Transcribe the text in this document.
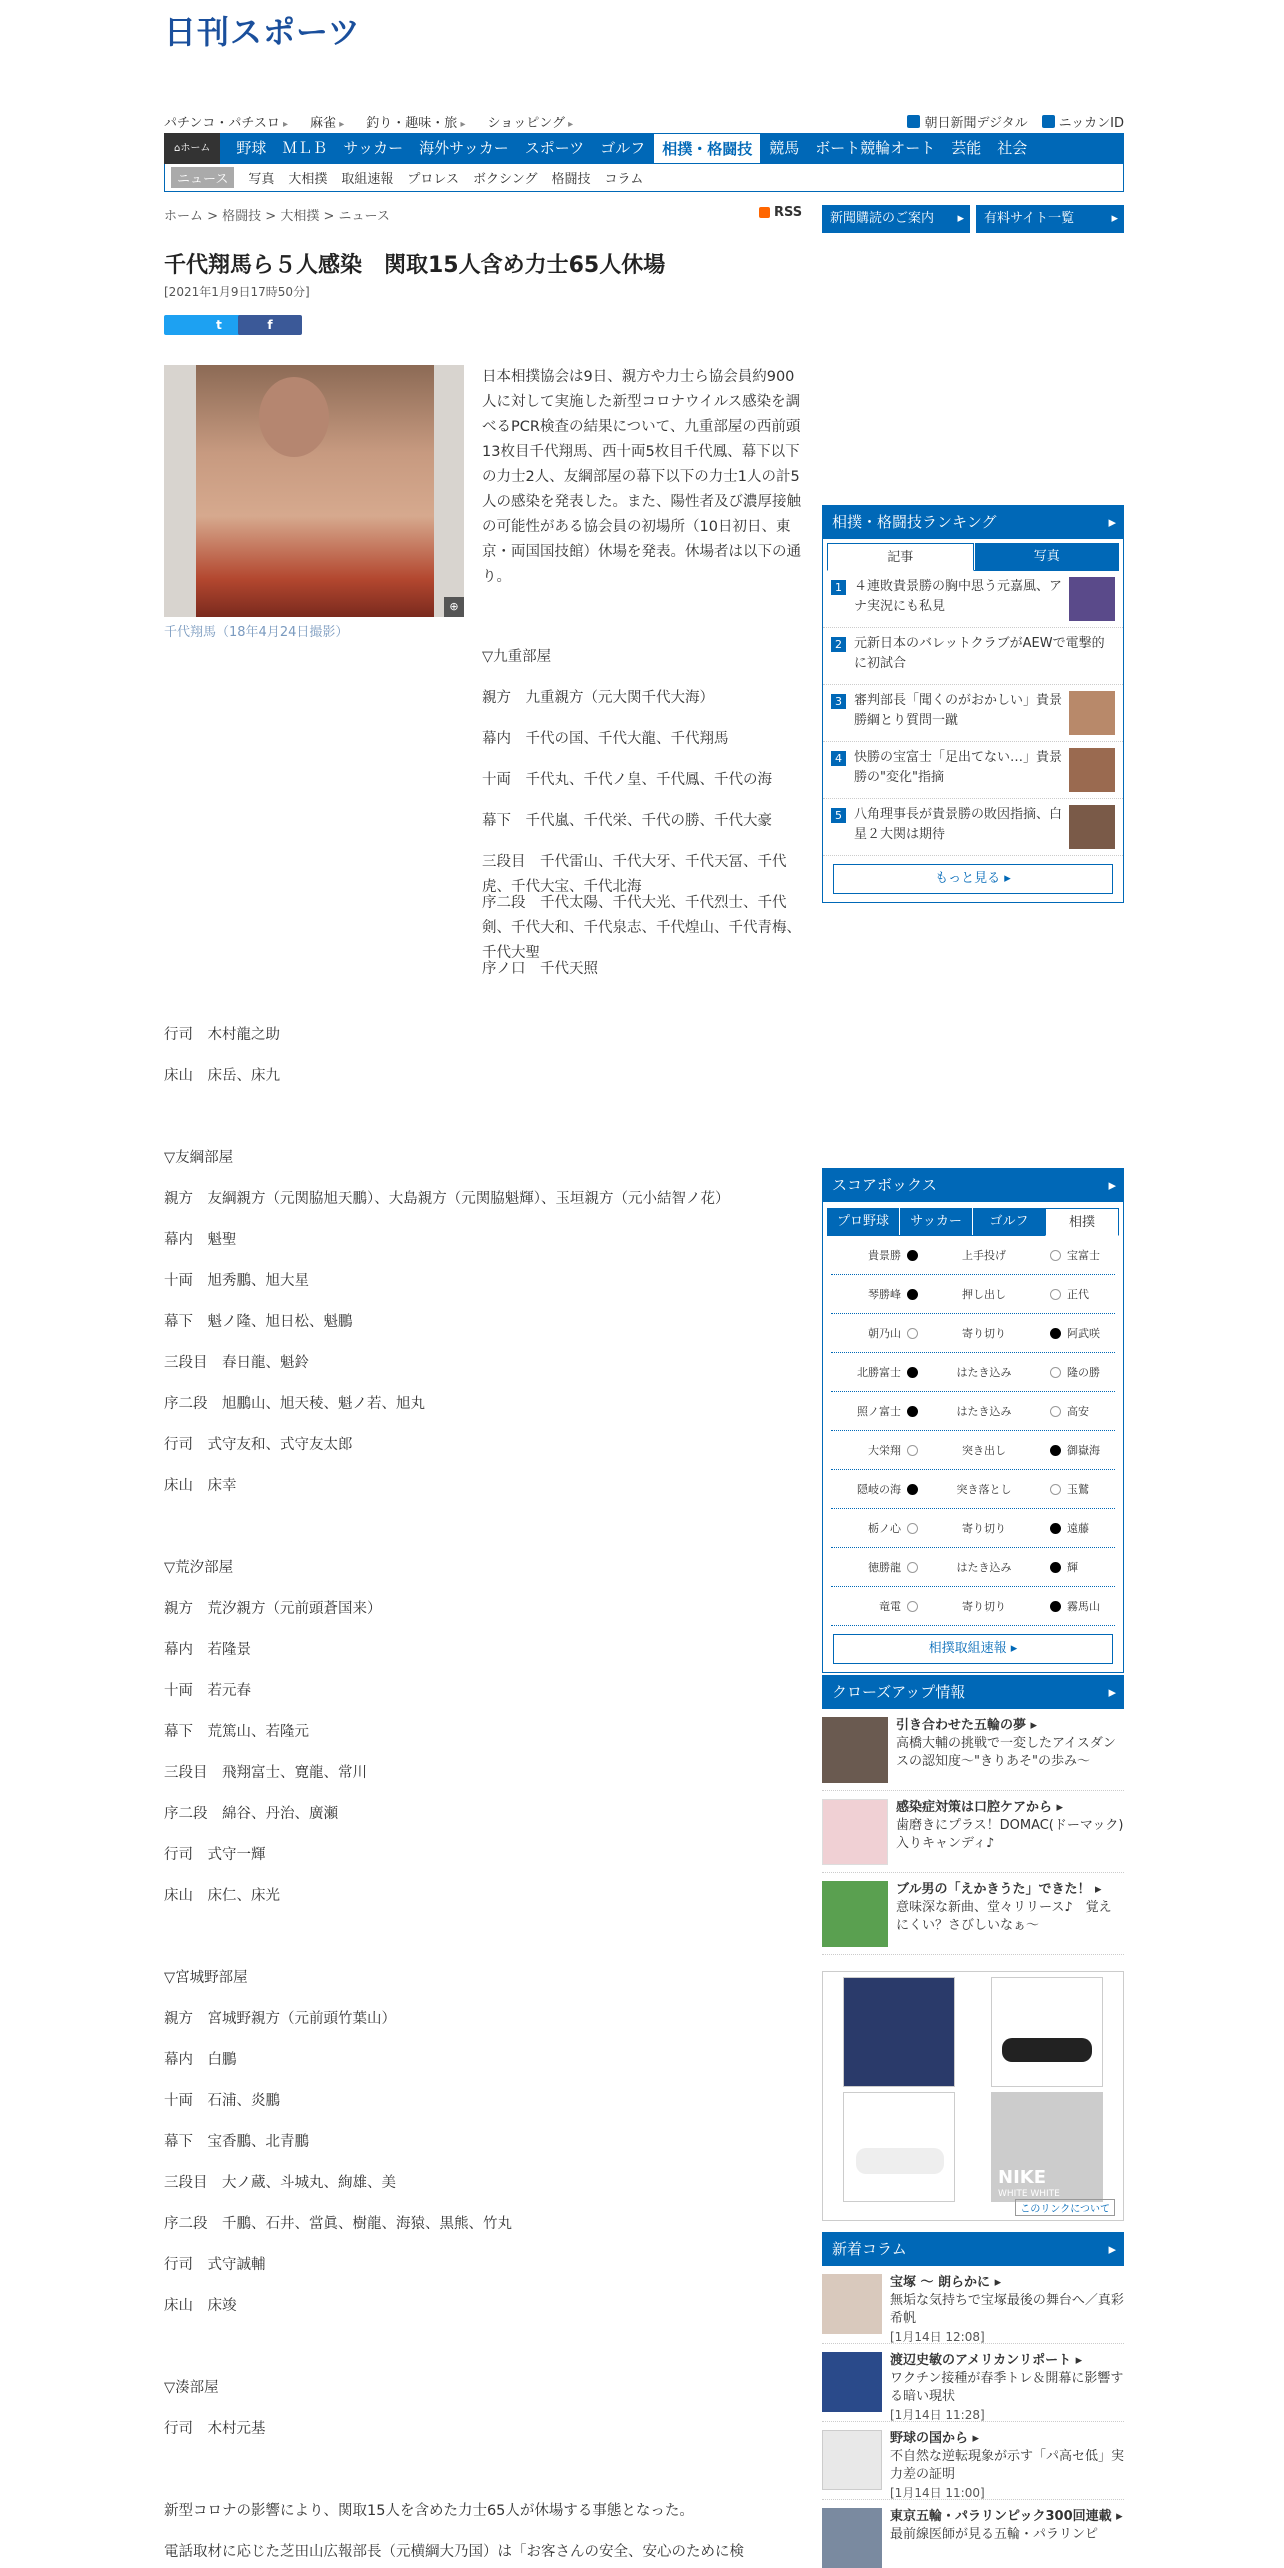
日刊スポーツ
パチンコ・パチスロ ▸	麻雀 ▸	釣り・趣味・旅 ▸	ショッピング ▸	朝日新聞デジタル ニッカンID
⌂ホーム	野球	ＭＬＢ	サッカー	海外サッカー	スポーツ	ゴルフ	相撲・格闘技	競馬	ボート競輪オート	芸能	社会
ニュース	写真 大相撲 取組速報 プロレス ボクシング 格闘技 コラム
ホーム > 格闘技 > 大相撲 > ニュース	RSS	新聞購読のご案内 ▸	有料サイト一覧 ▸
千代翔馬ら５人感染　関取15人含め力士65人休場
[2021年1月9日17時50分]
t	f
日本相撲協会は9日、親方や力士ら協会員約900人に対して実施した新型コロナウイルス感染を調べるPCR検査の結果について、九重部屋の西前頭13枚目千代翔馬、西十両5枚目千代鳳、幕下以下の力士2人、友綱部屋の幕下以下の力士1人の計5人の感染を発表した。また、陽性者及び濃厚接触の可能性がある協会員の初場所（10日初日、東京・両国国技館）休場を発表。休場者は以下の通り。
⊕
千代翔馬（18年4月24日撮影）

▽九重部屋

親方　九重親方（元大関千代大海）

幕内　千代の国、千代大龍、千代翔馬

十両　千代丸、千代ノ皇、千代鳳、千代の海

幕下　千代嵐、千代栄、千代の勝、千代大豪

三段目　千代雷山、千代大牙、千代天冨、千代虎、千代大宝、千代北海

序二段　千代太陽、千代大光、千代烈士、千代剣、千代大和、千代泉志、千代煌山、千代青梅、千代大聖

序ノ口　千代天照

行司　木村龍之助

床山　床岳、床九

▽友綱部屋

親方　友綱親方（元関脇旭天鵬）、大島親方（元関脇魁輝）、玉垣親方（元小結智ノ花）

幕内　魁聖

十両　旭秀鵬、旭大星

幕下　魁ノ隆、旭日松、魁鵬

三段目　春日龍、魁鈴

序二段　旭鵬山、旭天稜、魁ノ若、旭丸

行司　式守友和、式守友太郎

床山　床幸

▽荒汐部屋

親方　荒汐親方（元前頭蒼国来）

幕内　若隆景

十両　若元春

幕下　荒篤山、若隆元

三段目　飛翔富士、寛龍、常川

序二段　綿谷、丹治、廣瀬

行司　式守一輝

床山　床仁、床光

▽宮城野部屋

親方　宮城野親方（元前頭竹葉山）

幕内　白鵬

十両　石浦、炎鵬

幕下　宝香鵬、北青鵬

三段目　大ノ蔵、斗城丸、絢雄、美

序二段　千鵬、石井、當眞、樹龍、海猿、黒熊、竹丸

行司　式守誠輔

床山　床竣

▽湊部屋

行司　木村元基

新型コロナの影響により、関取15人を含めた力士65人が休場する事態となった。

電話取材に応じた芝田山広報部長（元横綱大乃国）は「お客さんの安全、安心のために検

相撲・格闘技ランキング ▸
記事	写真
1 ４連敗貴景勝の胸中思う元嘉風、アナ実況にも私見
2 元新日本のバレットクラブがAEWで電撃的に初試合
3 審判部長「聞くのがおかしい」貴景勝綱とり質問一蹴
4 快勝の宝富士「足出てない…」貴景勝の"変化"指摘
5 八角理事長が貴景勝の敗因指摘、白星２大関は期待
もっと見る ▸
スコアボックス ▸
プロ野球	サッカー	ゴルフ	相撲
貴景勝	上手投げ	宝富士
琴勝峰	押し出し	正代
朝乃山	寄り切り	阿武咲
北勝富士	はたき込み	隆の勝
照ノ富士	はたき込み	高安
大栄翔	突き出し	御嶽海
隠岐の海	突き落とし	玉鷲
栃ノ心	寄り切り	遠藤
徳勝龍	はたき込み	輝
竜電	寄り切り	霧馬山
相撲取組速報 ▸
クローズアップ情報 ▸
引き合わせた五輪の夢 ▸
高橋大輔の挑戦で一変したアイスダンスの認知度～"きりあそ"の歩み～
感染症対策は口腔ケアから ▸
歯磨きにプラス！DOMAC(ドーマック)入りキャンディ♪
ブル男の「えかきうた」できた！ ▸
意味深な新曲、堂々リリース♪　覚えにくい？さびしいなぁ～
NIKE
WHITE WHITE
このリンクについて
新着コラム ▸
宝塚 ～ 朗らかに ▸
無垢な気持ちで宝塚最後の舞台へ／真彩希帆
[1月14日 12:08]
渡辺史敏のアメリカンリポート ▸
ワクチン接種が春季トレ＆開幕に影響する暗い現状
[1月14日 11:28]
野球の国から ▸
不自然な逆転現象が示す「パ高セ低」実力差の証明
[1月14日 11:00]
東京五輪・パラリンピック300回連載 ▸
最前線医師が見る五輪・パラリンピ
